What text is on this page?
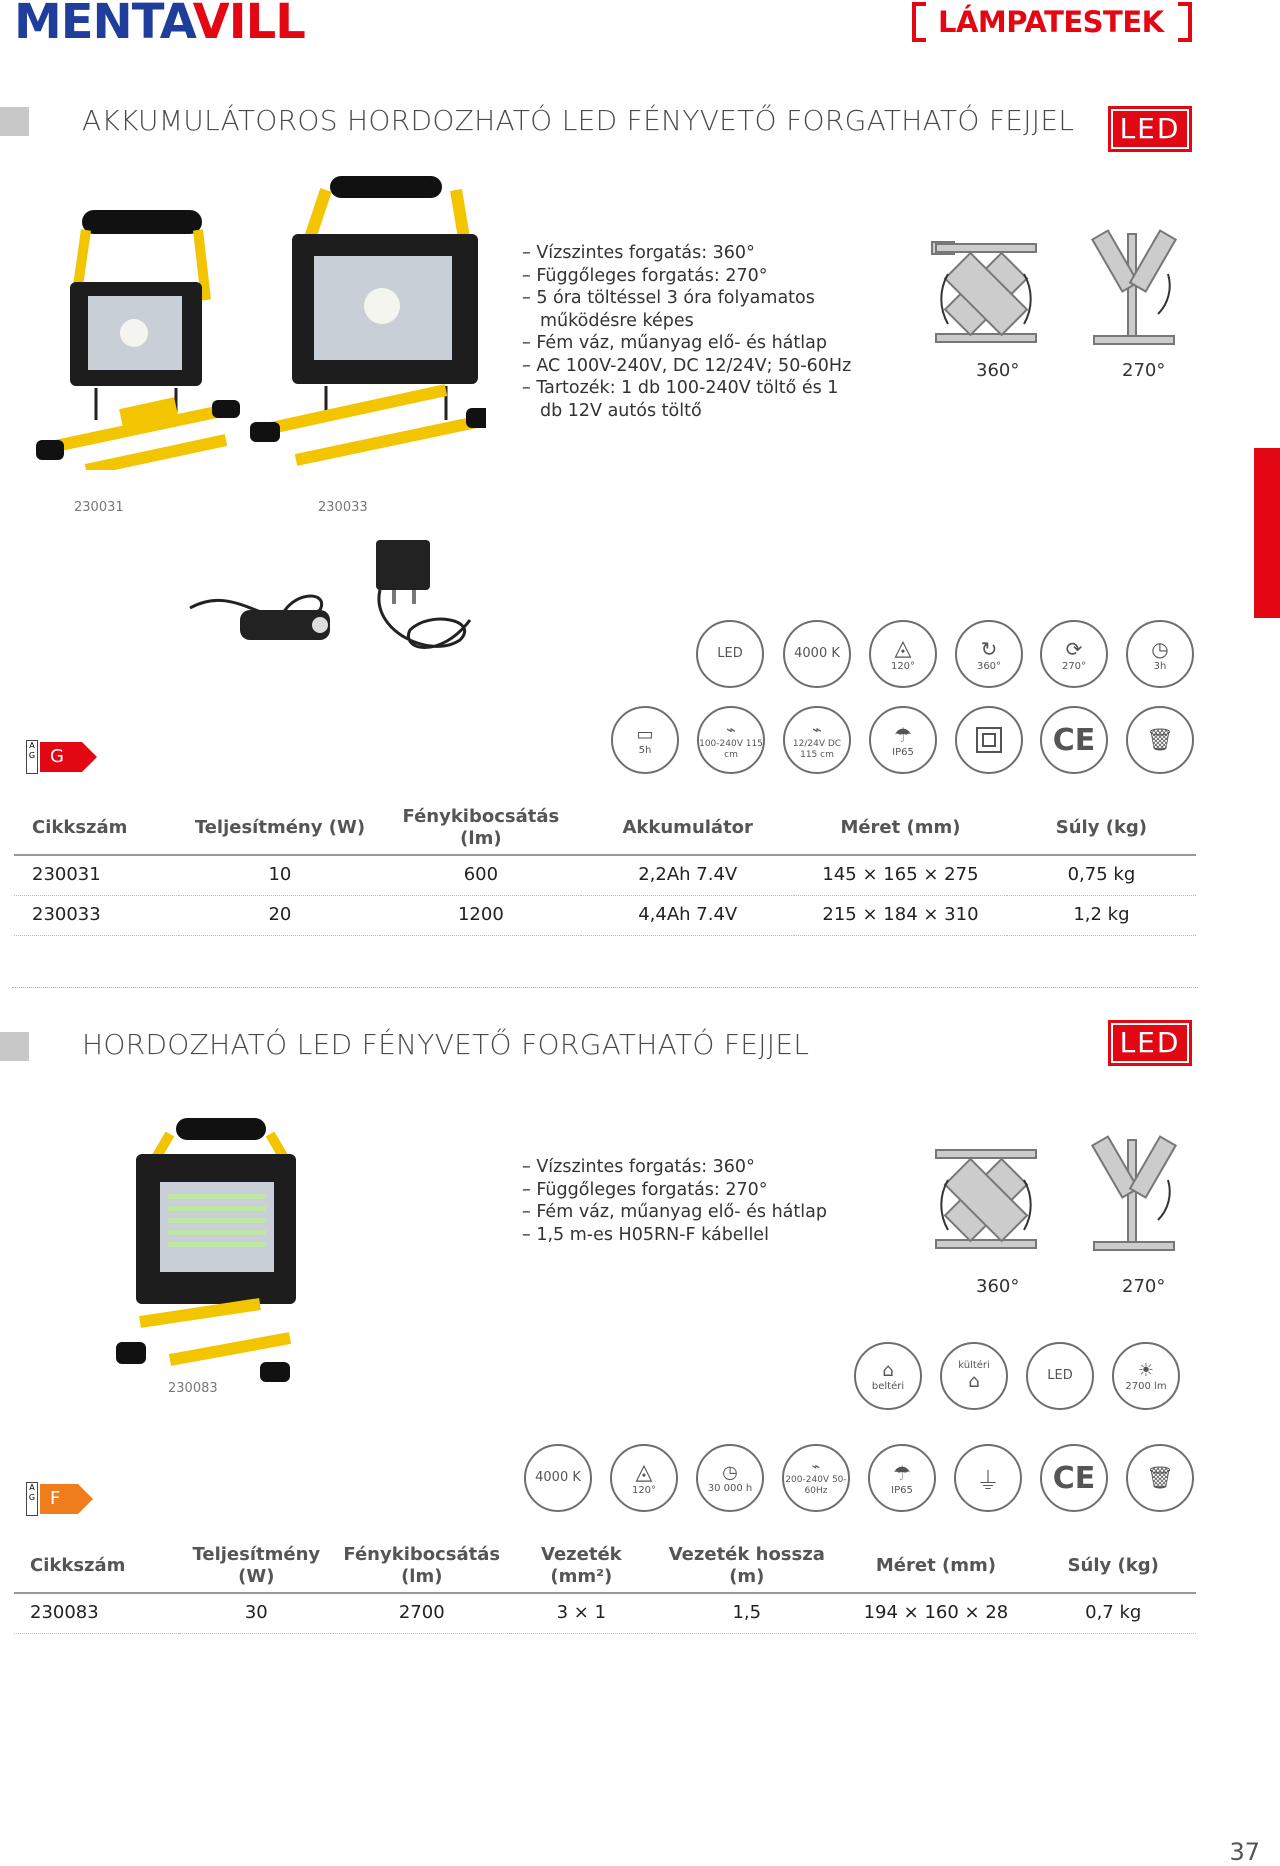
MENTAVILL	LÁMPATESTEK
AKKUMULÁTOROS HORDOZHATÓ LED FÉNYVETŐ FORGATHATÓ FEJJEL LED
230031	230033
– Vízszintes forgatás: 360°
– Függőleges forgatás: 270°
– 5 óra töltéssel 3 óra folyamatos működésre képes
– Fém váz, műanyag elő- és hátlap
– AC 100V-240V, DC 12/24V; 50-60Hz
– Tartozék: 1 db 100-240V töltő és 1 db 12V autós töltő
360°	270°
LED	4000 K ◬
120°
↻
360°
⟳
270°
◷
3h
▭
5h
⌁
100-240V 115 cm
⌁
12/24V DC 115 cm
☂
IP65	CE 🗑
A G G
Cikkszám	Teljesítmény (W)	Fénykibocsátás (lm)	Akkumulátor	Méret (mm)	Súly (kg)
230031	10	600	2,2Ah 7.4V	145 × 165 × 275	0,75 kg
230033	20	1200	4,4Ah 7.4V	215 × 184 × 310	1,2 kg
HORDOZHATÓ LED FÉNYVETŐ FORGATHATÓ FEJJEL	LED
230083
– Vízszintes forgatás: 360°
– Függőleges forgatás: 270°
– Fém váz, műanyag elő- és hátlap
– 1,5 m-es H05RN-F kábellel
360°	270°
⌂
beltéri
kültéri
⌂	LED	☀
2700 lm
4000 K ◬
120°
◷
30 000 h
⌁
200-240V 50-60Hz
☂
IP65	⏚ CE 🗑
A G F
Cikkszám	Teljesítmény (W)	Fénykibocsátás (lm)	Vezeték (mm²)	Vezeték hossza (m)	Méret (mm)	Súly (kg)
230083	30	2700	3 × 1	1,5	194 × 160 × 28	0,7 kg
37
